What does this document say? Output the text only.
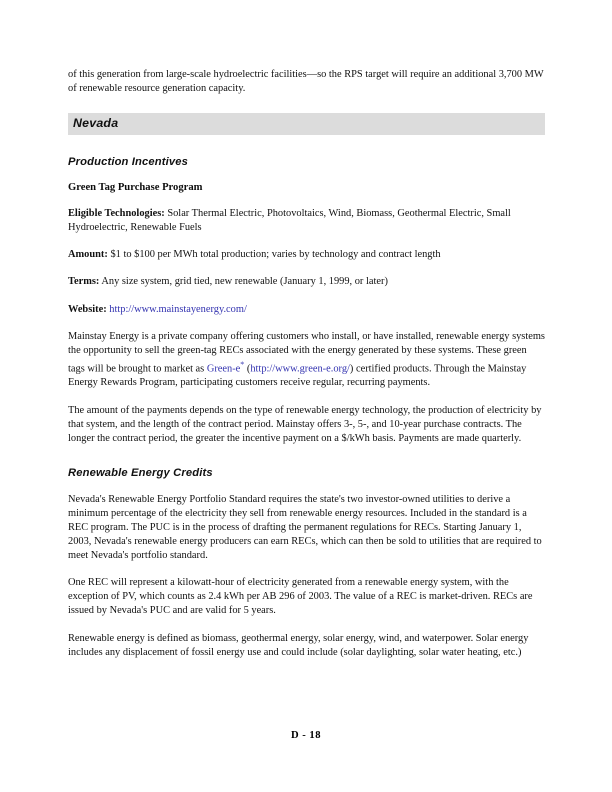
of this generation from large-scale hydroelectric facilities—so the RPS target will require an additional 3,700 MW of renewable resource generation capacity.

Nevada
Production Incentives
Green Tag Purchase Program

Eligible Technologies: Solar Thermal Electric, Photovoltaics, Wind, Biomass, Geothermal Electric, Small Hydroelectric, Renewable Fuels

Amount: $1 to $100 per MWh total production; varies by technology and contract length

Terms: Any size system, grid tied, new renewable (January 1, 1999, or later)

Website: http://www.mainstayenergy.com/

Mainstay Energy is a private company offering customers who install, or have installed, renewable energy systems the opportunity to sell the green-tag RECs associated with the energy generated by these systems. These green tags will be brought to market as Green-e* (http://www.green-e.org/) certified products. Through the Mainstay Energy Rewards Program, participating customers receive regular, recurring payments.

The amount of the payments depends on the type of renewable energy technology, the production of electricity by that system, and the length of the contract period. Mainstay offers 3-, 5-, and 10-year purchase contracts. The longer the contract period, the greater the incentive payment on a $/kWh basis. Payments are made quarterly.

Renewable Energy Credits

Nevada's Renewable Energy Portfolio Standard requires the state's two investor-owned utilities to derive a minimum percentage of the electricity they sell from renewable energy resources. Included in the standard is a REC program. The PUC is in the process of drafting the permanent regulations for RECs. Starting January 1, 2003, Nevada's renewable energy producers can earn RECs, which can then be sold to utilities that are required to meet Nevada's portfolio standard.

One REC will represent a kilowatt-hour of electricity generated from a renewable energy system, with the exception of PV, which counts as 2.4 kWh per AB 296 of 2003. The value of a REC is market-driven. RECs are issued by Nevada's PUC and are valid for 5 years.

Renewable energy is defined as biomass, geothermal energy, solar energy, wind, and waterpower. Solar energy includes any displacement of fossil energy use and could include (solar daylighting, solar water heating, etc.)

D - 18
